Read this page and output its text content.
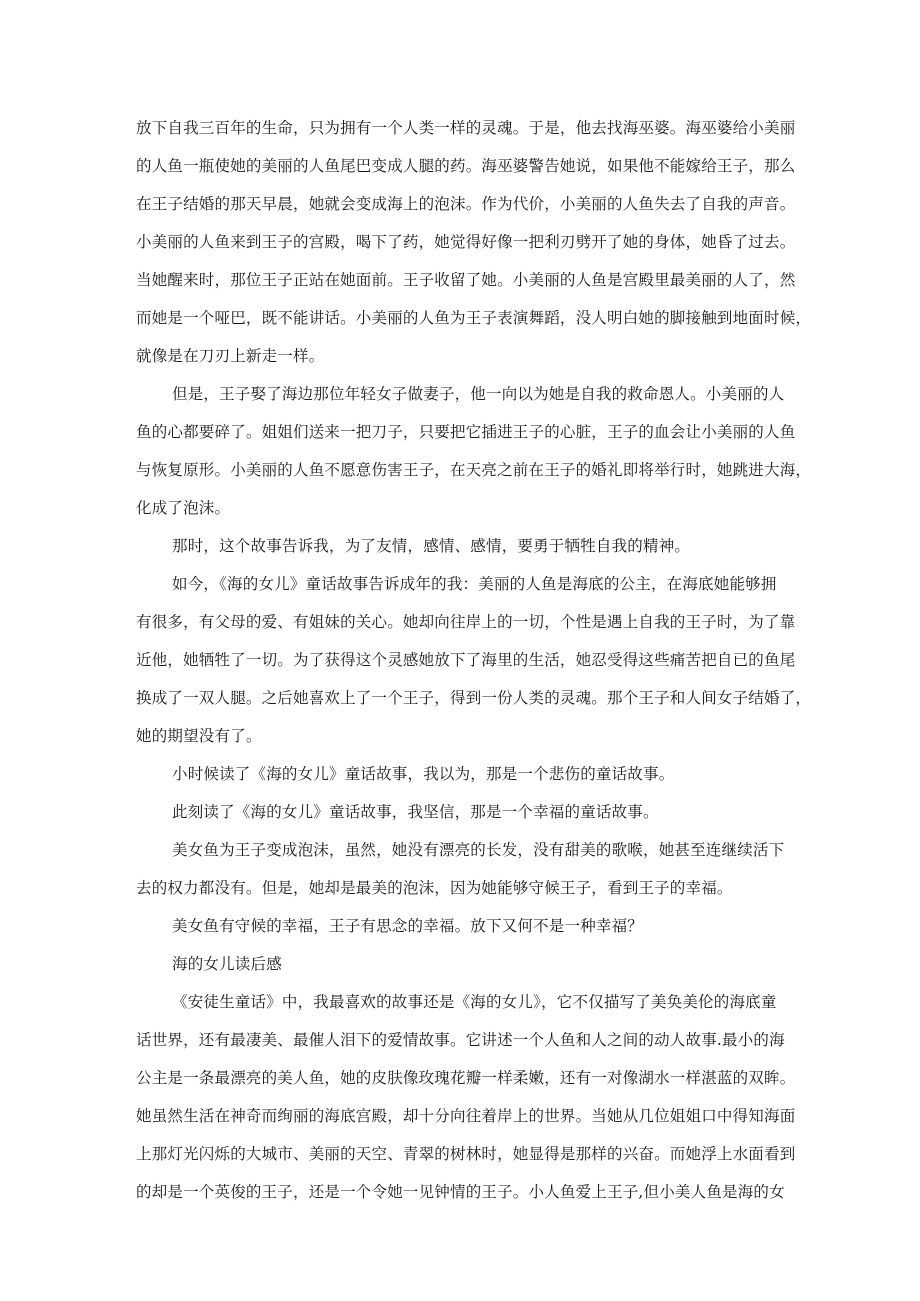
放下自我三百年的生命，只为拥有一个人类一样的灵魂。于是，他去找海巫婆。海巫婆给小美丽
的人鱼一瓶使她的美丽的人鱼尾巴变成人腿的药。海巫婆警告她说，如果他不能嫁给王子，那么
在王子结婚的那天早晨，她就会变成海上的泡沫。作为代价，小美丽的人鱼失去了自我的声音。
小美丽的人鱼来到王子的宫殿，喝下了药，她觉得好像一把利刃劈开了她的身体，她昏了过去。
当她醒来时，那位王子正站在她面前。王子收留了她。小美丽的人鱼是宫殿里最美丽的人了，然
而她是一个哑巴，既不能讲话。小美丽的人鱼为王子表演舞蹈，没人明白她的脚接触到地面时候，
就像是在刀刃上新走一样。
但是，王子娶了海边那位年轻女子做妻子，他一向以为她是自我的救命恩人。小美丽的人
鱼的心都要碎了。姐姐们送来一把刀子，只要把它插进王子的心脏，王子的血会让小美丽的人鱼
与恢复原形。小美丽的人鱼不愿意伤害王子，在天亮之前在王子的婚礼即将举行时，她跳进大海，
化成了泡沫。
那时，这个故事告诉我，为了友情，感情、感情，要勇于牺牲自我的精神。
如今，《海的女儿》童话故事告诉成年的我：美丽的人鱼是海底的公主，在海底她能够拥
有很多，有父母的爱、有姐妹的关心。她却向往岸上的一切，个性是遇上自我的王子时，为了靠
近他，她牺牲了一切。为了获得这个灵感她放下了海里的生活，她忍受得这些痛苦把自已的鱼尾
换成了一双人腿。之后她喜欢上了一个王子，得到一份人类的灵魂。那个王子和人间女子结婚了，
她的期望没有了。
小时候读了《海的女儿》童话故事，我以为，那是一个悲伤的童话故事。
此刻读了《海的女儿》童话故事，我坚信，那是一个幸福的童话故事。
美女鱼为王子变成泡沫，虽然，她没有漂亮的长发，没有甜美的歌喉，她甚至连继续活下
去的权力都没有。但是，她却是最美的泡沫，因为她能够守候王子，看到王子的幸福。
美女鱼有守候的幸福，王子有思念的幸福。放下又何不是一种幸福？
海的女儿读后感
《安徒生童话》中，我最喜欢的故事还是《海的女儿》，它不仅描写了美奂美伦的海底童
话世界，还有最凄美、最催人泪下的爱情故事。它讲述一个人鱼和人之间的动人故事.最小的海
公主是一条最漂亮的美人鱼，她的皮肤像玫瑰花瓣一样柔嫩，还有一对像湖水一样湛蓝的双眸。
她虽然生活在神奇而绚丽的海底宫殿，却十分向往着岸上的世界。当她从几位姐姐口中得知海面
上那灯光闪烁的大城市、美丽的天空、青翠的树林时，她显得是那样的兴奋。而她浮上水面看到
的却是一个英俊的王子，还是一个令她一见钟情的王子。小人鱼爱上王子,但小美人鱼是海的女
